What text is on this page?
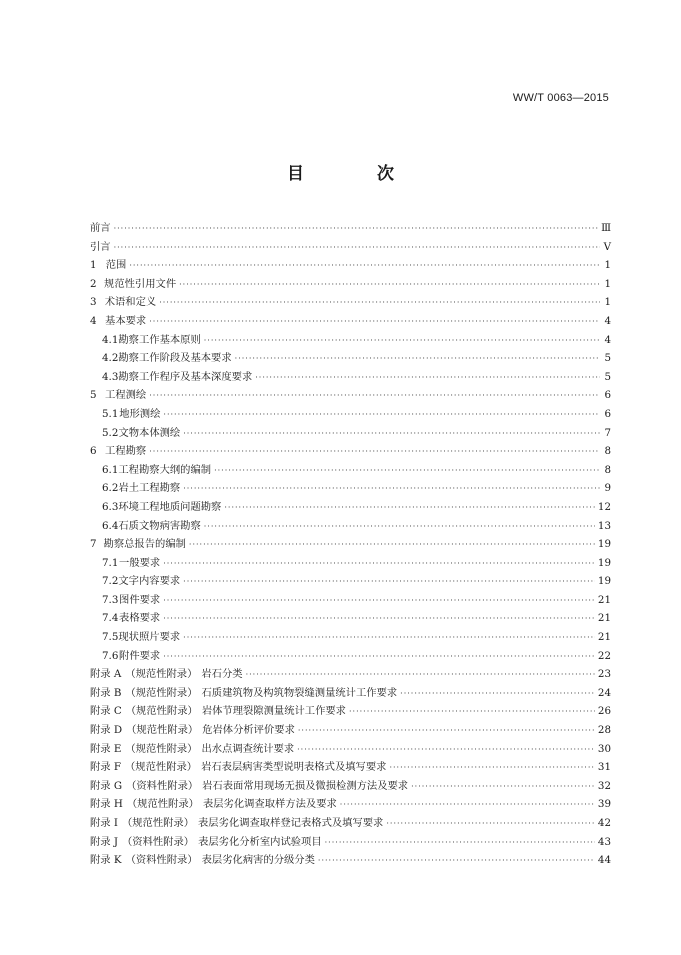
WW/T 0063—2015
目　次
前言 ·····	Ⅲ
引言 ·····	Ⅴ
1 范围 ·····	1
2 规范性引用文件 ·····	1
3 术语和定义 ·····	1
4 基本要求 ·····	4
4.1 勘察工作基本原则 ·····	4
4.2 勘察工作阶段及基本要求 ·····	5
4.3 勘察工作程序及基本深度要求 ·····	5
5 工程测绘 ·····	6
5.1 地形测绘 ·····	6
5.2 文物本体测绘 ·····	7
6 工程勘察 ·····	8
6.1 工程勘察大纲的编制 ·····	8
6.2 岩土工程勘察 ·····	9
6.3 环境工程地质问题勘察 ·····	12
6.4 石质文物病害勘察 ·····	13
7 勘察总报告的编制 ·····	19
7.1 一般要求 ·····	19
7.2 文字内容要求 ·····	19
7.3 图件要求 ·····	21
7.4 表格要求 ·····	21
7.5 现状照片要求 ·····	21
7.6 附件要求 ·····	22
附录 A （规范性附录） 岩石分类 ·····	23
附录 B （规范性附录） 石质建筑物及构筑物裂缝测量统计工作要求 ·····	24
附录 C （规范性附录） 岩体节理裂隙测量统计工作要求 ·····	26
附录 D （规范性附录） 危岩体分析评价要求 ·····	28
附录 E （规范性附录） 出水点调查统计要求 ·····	30
附录 F （规范性附录） 岩石表层病害类型说明表格式及填写要求 ·····	31
附录 G （资料性附录） 岩石表面常用现场无损及微损检测方法及要求 ·····	32
附录 H （规范性附录） 表层劣化调查取样方法及要求 ·····	39
附录 I （规范性附录） 表层劣化调查取样登记表格式及填写要求 ·····	42
附录 J （资料性附录） 表层劣化分析室内试验项目 ·····	43
附录 K （资料性附录） 表层劣化病害的分级分类 ·····	44
